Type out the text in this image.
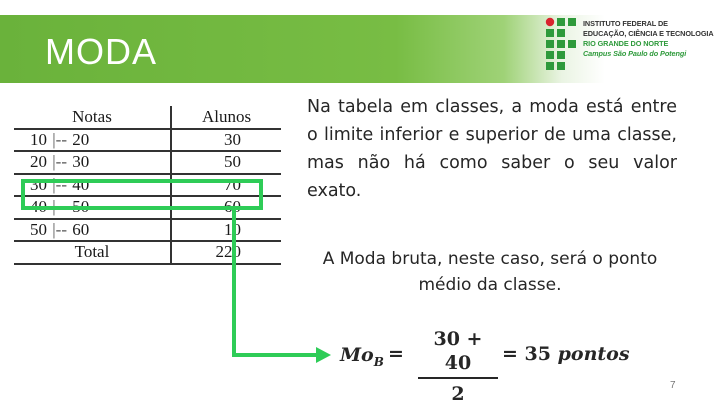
MODA
INSTITUTO FEDERAL DE
EDUCAÇÃO, CIÊNCIA E TECNOLOGIA
RIO GRANDE DO NORTE
Campus São Paulo do Potengi
Notas	Alunos
10 |-- 20	30
20 |-- 30	50
30 |-- 40	70
40 |-- 50	60
50 |-- 60	10
Total	220
Na tabela em classes, a moda está entre o limite inferior e superior de uma classe, mas não há como saber o seu valor exato.
A Moda bruta, neste caso, será o ponto médio da classe.
$Mo_B$ =
30 + 40
2
= 35 pontos
7
